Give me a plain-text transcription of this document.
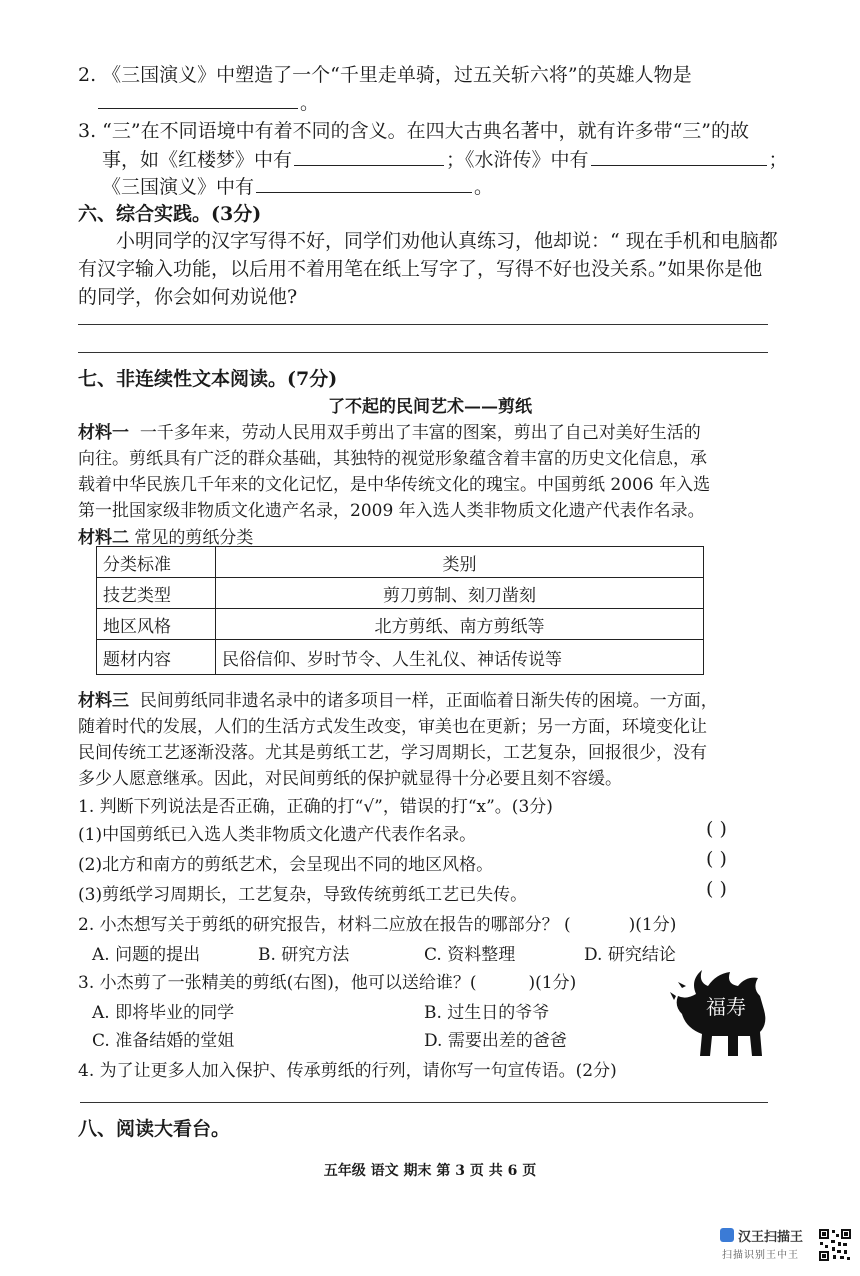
2. 《三国演义》中塑造了一个“千里走单骑，过五关斩六将”的英雄人物是
。
3. “三”在不同语境中有着不同的含义。在四大古典名著中，就有许多带“三”的故
事，如《红楼梦》中有	；《水浒传》中有	；
《三国演义》中有	。
六、综合实践。(3分)
小明同学的汉字写得不好，同学们劝他认真练习，他却说：“ 现在手机和电脑都
有汉字输入功能，以后用不着用笔在纸上写字了，写得不好也没关系。”如果你是他
的同学，你会如何劝说他?
七、非连续性文本阅读。(7分)
了不起的民间艺术——剪纸
材料一 一千多年来，劳动人民用双手剪出了丰富的图案，剪出了自己对美好生活的
向往。剪纸具有广泛的群众基础，其独特的视觉形象蕴含着丰富的历史文化信息，承
载着中华民族几千年来的文化记忆，是中华传统文化的瑰宝。中国剪纸 2006 年入选
第一批国家级非物质文化遗产名录，2009 年入选人类非物质文化遗产代表作名录。
材料二 常见的剪纸分类
分类标准	类别
技艺类型	剪刀剪制、刻刀凿刻
地区风格	北方剪纸、南方剪纸等
题材内容	民俗信仰、岁时节令、人生礼仪、神话传说等
材料三 民间剪纸同非遗名录中的诸多项目一样，正面临着日渐失传的困境。一方面，
随着时代的发展，人们的生活方式发生改变，审美也在更新；另一方面，环境变化让
民间传统工艺逐渐没落。尤其是剪纸工艺，学习周期长，工艺复杂，回报很少，没有
多少人愿意继承。因此，对民间剪纸的保护就显得十分必要且刻不容缓。
1. 判断下列说法是否正确，正确的打“√”，错误的打“x”。(3分)
(1)中国剪纸已入选人类非物质文化遗产代表作名录。	( )
(2)北方和南方的剪纸艺术，会呈现出不同的地区风格。	( )
(3)剪纸学习周期长，工艺复杂，导致传统剪纸工艺已失传。	( )
2. 小杰想写关于剪纸的研究报告，材料二应放在报告的哪部分？ (	)(1分)
A. 问题的提出	B. 研究方法	C. 资料整理	D. 研究结论
3. 小杰剪了一张精美的剪纸(右图)，他可以送给谁？(	)(1分)
A. 即将毕业的同学	B. 过生日的爷爷
C. 准备结婚的堂姐	D. 需要出差的爸爸
福寿
4. 为了让更多人加入保护、传承剪纸的行列，请你写一句宣传语。(2分)
八、阅读大看台。
五年级 语文 期末 第 3 页 共 6 页
汉王扫描王
扫描识别王中王
